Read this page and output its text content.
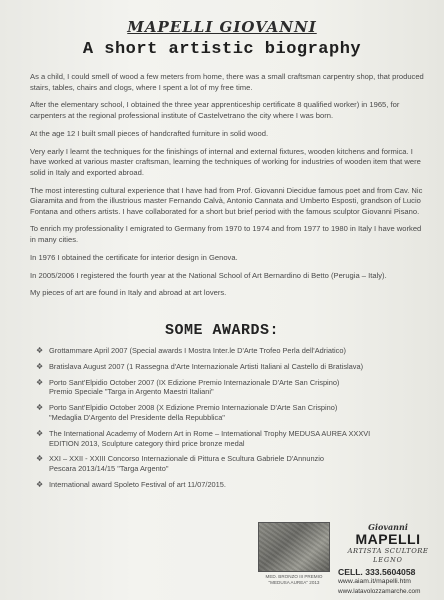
MAPELLI GIOVANNI
A short artistic biography

As a child, I could smell of wood a few meters from home, there was a small craftsman carpentry shop, that produced stairs, tables, chairs and clogs, where I spent a lot of my free time.

After the elementary school, I obtained the three year apprenticeship certificate 8 qualified worker) in 1965, for carpenters at the regional professional institute of Castelvetrano the city where I was born.

At the age 12 I built small pieces of handcrafted furniture in solid wood.

Very early I learnt the techniques for the finishings of internal and external fixtures, wooden kitchens and formica. I have worked at various master craftsman, learning the techniques of working for industries of wooden item that were solid in Italy and exported abroad.

The most interesting cultural experience that I have had from Prof. Giovanni Diecidue famous poet and from Cav. Nic Giaramita and from the illustrious master Fernando Calvà, Antonio Cannata and Umberto Esposti, grandson of Lucio Fontana and others artists. I have collaborated for a short but brief period with the famous sculptor Giovanni Pisano.

To enrich my professionality I emigrated to Germany from 1970 to 1974 and from 1977 to 1980 in Italy I have worked in many cities.

In 1976 I obtained the certificate for interior design in Genova.

In 2005/2006 I registered the fourth year at the National School of Art Bernardino di Betto (Perugia – Italy).

My pieces of art are found in Italy and abroad at art lovers.

SOME AWARDS:
❖ Grottammare April 2007 (Special awards I Mostra Inter.le D'Arte Trofeo Perla dell'Adriatico)
❖ Bratislava August 2007 (1 Rassegna d'Arte Internazionale Artisti Italiani al Castello di Bratislava)
❖ Porto Sant'Elpidio October 2007 (IX Edizione Premio Internazionale D'Arte San Crispino)
Premio Speciale "Targa in Argento Maestri Italiani"
❖ Porto Sant'Elpidio October 2008 (X Edizione Premio Internazionale D'Arte San Crispino)
"Medaglia D'Argento del Presidente della Repubblica"
❖ The International Academy of Modern Art in Rome – International Trophy MEDUSA AUREA XXXVI
EDITION 2013, Sculpture category third price bronze medal
❖ XXI – XXII - XXIII Concorso Internazionale di Pittura e Scultura Gabriele D'Annunzio
Pescara 2013/14/15 "Targa Argento"
❖ International award Spoleto Festival of art 11/07/2015.
MED. BRONZO III PREMIO
"MEDUSA AUREA" 2013
Giovanni
MAPELLI
ARTISTA SCULTORE
LEGNO
CELL. 333.5604058
www.aiam.it/mapelli.htm
www.latavolozzamarche.com
